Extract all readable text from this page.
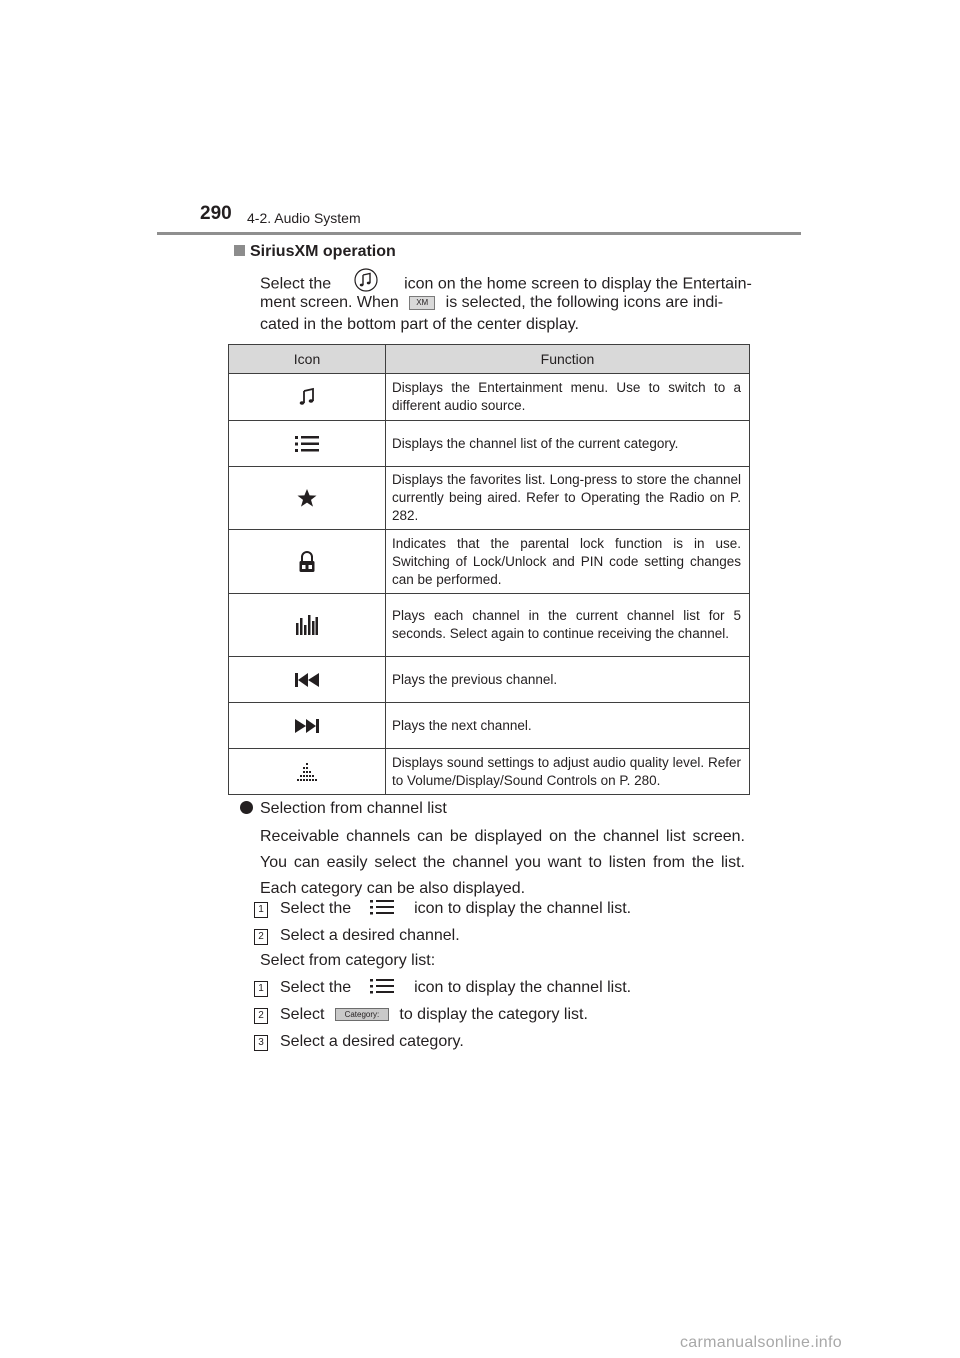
290 4-2. Audio System
SiriusXM operation
Select the	icon on the home screen to display the Entertain-
ment screen. When XM is selected, the following icons are indi-
cated in the bottom part of the center display.
Icon	Function
	Displays the Entertainment menu. Use to switch to a different audio source.
	Displays the channel list of the current category.
	Displays the favorites list. Long-press to store the channel currently being aired. Refer to Operating the Radio on P. 282.
	Indicates that the parental lock function is in use. Switching of Lock/Unlock and PIN code setting changes can be performed.
	Plays each channel in the current channel list for 5 seconds. Select again to continue receiving the channel.
	Plays the previous channel.
	Plays the next channel.
	Displays sound settings to adjust audio quality level. Refer to Volume/Display/Sound Controls on P. 280.
Selection from channel list
Receivable channels can be displayed on the channel list screen. You can easily select the channel you want to listen from the list. Each category can be also displayed.
1 Select the	icon to display the channel list.
2 Select a desired channel.
Select from category list:
1 Select the	icon to display the channel list.
2 Select	Category: to display the category list.
3 Select a desired category.
carmanualsonline.info
